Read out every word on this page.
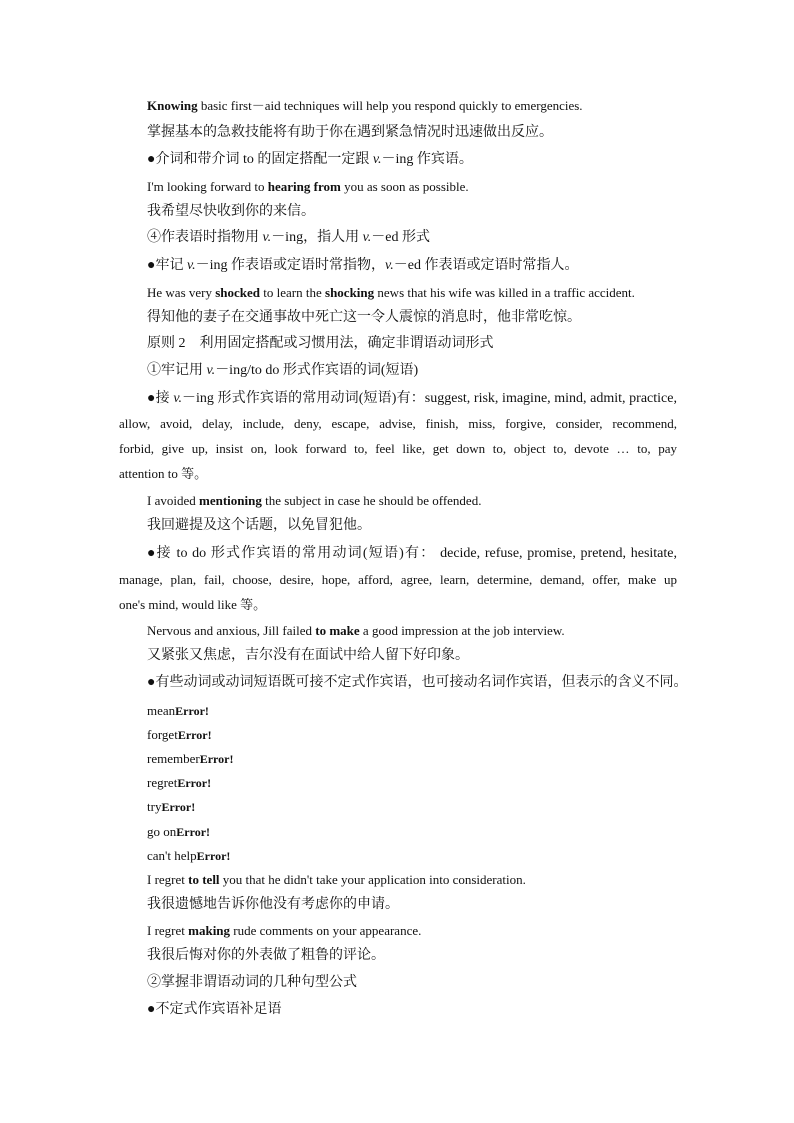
Knowing basic first－aid techniques will help you respond quickly to emergencies.
掌握基本的急救技能将有助于你在遇到紧急情况时迅速做出反应。
●介词和带介词 to 的固定搭配一定跟 v.－ing 作宾语。
I'm looking forward to hearing from you as soon as possible.
我希望尽快收到你的来信。
④作表语时指物用 v.－ing，指人用 v.－ed 形式
●牢记 v.－ing 作表语或定语时常指物，v.－ed 作表语或定语时常指人。
He was very shocked to learn the shocking news that his wife was killed in a traffic accident.
得知他的妻子在交通事故中死亡这一令人震惊的消息时，他非常吃惊。
原则 2　利用固定搭配或习惯用法，确定非谓语动词形式
①牢记用 v.－ing/to do 形式作宾语的词(短语)
●接 v.－ing 形式作宾语的常用动词(短语)有：suggest, risk, imagine, mind, admit, practice,
allow, avoid, delay, include, deny, escape, advise, finish, miss, forgive, consider, recommend,
forbid, give up, insist on, look forward to, feel like, get down to, object to, devote … to, pay
attention to 等。
I avoided mentioning the subject in case he should be offended.
我回避提及这个话题，以免冒犯他。
●接 to do 形式作宾语的常用动词(短语)有： decide, refuse, promise, pretend, hesitate,
manage, plan, fail, choose, desire, hope, afford, agree, learn, determine, demand, offer, make up
one's mind, would like 等。
Nervous and anxious, Jill failed to make a good impression at the job interview.
又紧张又焦虑，吉尔没有在面试中给人留下好印象。
●有些动词或动词短语既可接不定式作宾语，也可接动名词作宾语，但表示的含义不同。
meanError!
forgetError!
rememberError!
regretError!
tryError!
go onError!
can't helpError!
I regret to tell you that he didn't take your application into consideration.
我很遗憾地告诉你他没有考虑你的申请。
I regret making rude comments on your appearance.
我很后悔对你的外表做了粗鲁的评论。
②掌握非谓语动词的几种句型公式
●不定式作宾语补足语
